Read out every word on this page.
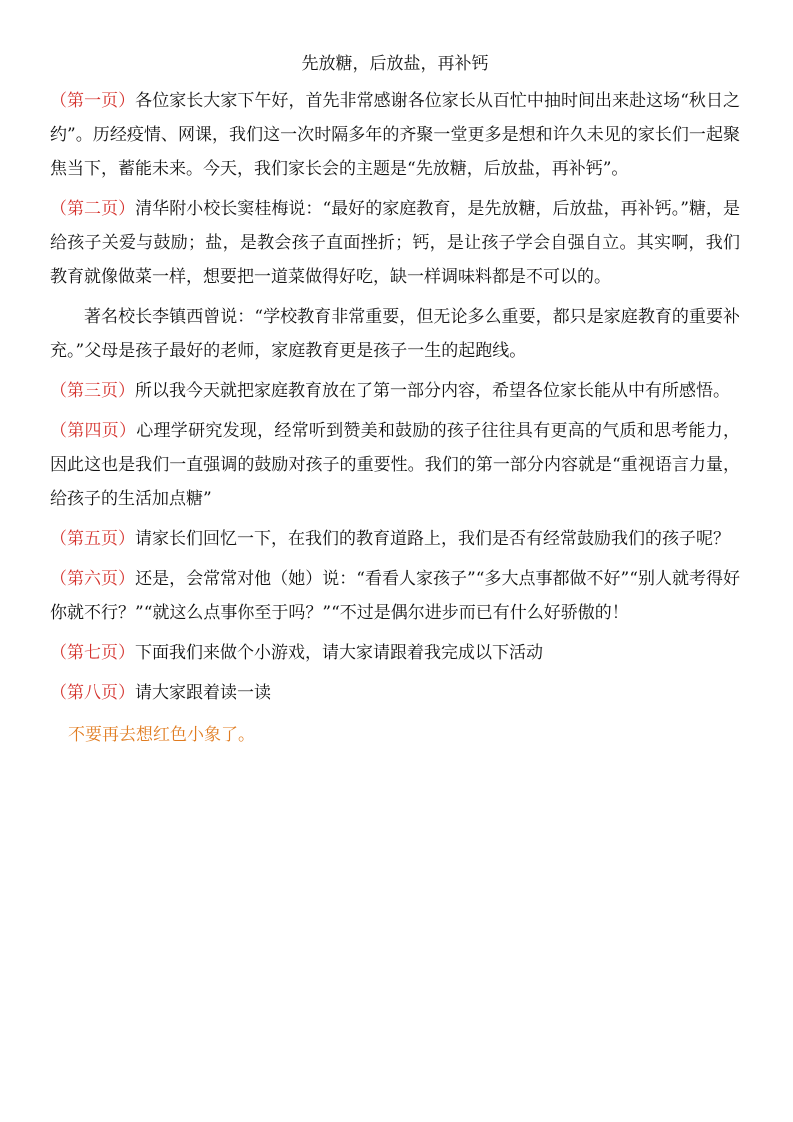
先放糖，后放盐，再补钙

（第一页）各位家长大家下午好，首先非常感谢各位家长从百忙中抽时间出来赴这场“秋日之约”。历经疫情、网课，我们这一次时隔多年的齐聚一堂更多是想和许久未见的家长们一起聚焦当下，蓄能未来。今天，我们家长会的主题是“先放糖，后放盐，再补钙”。

（第二页）清华附小校长窦桂梅说：“最好的家庭教育，是先放糖，后放盐，再补钙。”糖，是给孩子关爱与鼓励；盐，是教会孩子直面挫折；钙，是让孩子学会自强自立。其实啊，我们教育就像做菜一样，想要把一道菜做得好吃，缺一样调味料都是不可以的。

著名校长李镇西曾说：“学校教育非常重要，但无论多么重要，都只是家庭教育的重要补充。”父母是孩子最好的老师，家庭教育更是孩子一生的起跑线。

（第三页）所以我今天就把家庭教育放在了第一部分内容，希望各位家长能从中有所感悟。

（第四页）心理学研究发现，经常听到赞美和鼓励的孩子往往具有更高的气质和思考能力，因此这也是我们一直强调的鼓励对孩子的重要性。我们的第一部分内容就是“重视语言力量，给孩子的生活加点糖”

（第五页）请家长们回忆一下，在我们的教育道路上，我们是否有经常鼓励我们的孩子呢？

（第六页）还是，会常常对他（她）说：“看看人家孩子”“多大点事都做不好”“别人就考得好你就不行？”“就这么点事你至于吗？”“不过是偶尔进步而已有什么好骄傲的！

（第七页）下面我们来做个小游戏，请大家请跟着我完成以下活动

（第八页）请大家跟着读一读

不要再去想红色小象了。
